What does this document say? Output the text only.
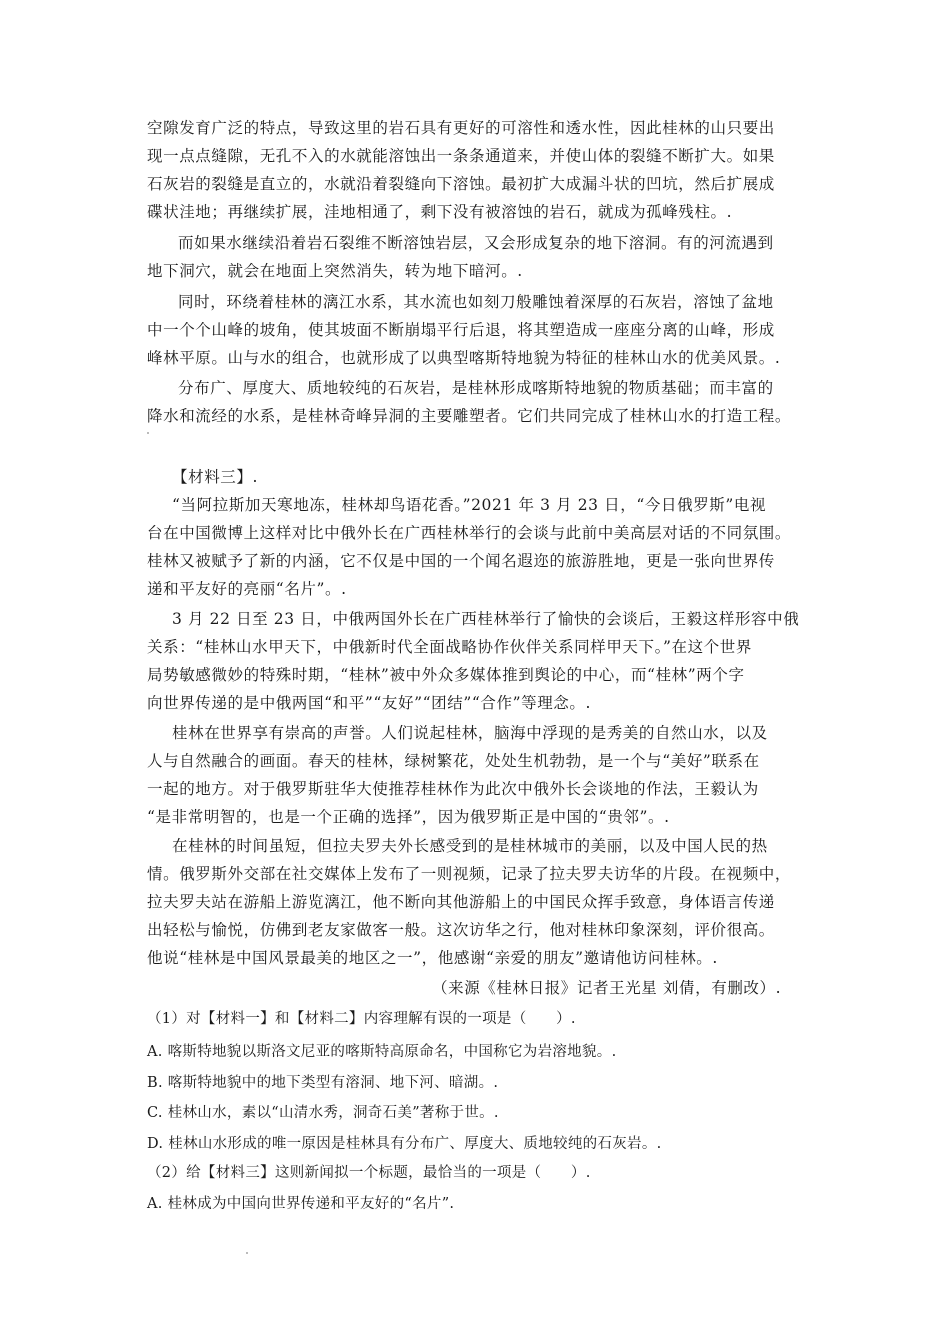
空隙发育广泛的特点，导致这里的岩石具有更好的可溶性和透水性，因此桂林的山只要出
现一点点缝隙，无孔不入的水就能溶蚀出一条条通道来，并使山体的裂缝不断扩大。如果
石灰岩的裂缝是直立的，水就沿着裂缝向下溶蚀。最初扩大成漏斗状的凹坑，然后扩展成
碟状洼地；再继续扩展，洼地相通了，剩下没有被溶蚀的岩石，就成为孤峰残柱。.
而如果水继续沿着岩石裂维不断溶蚀岩层，又会形成复杂的地下溶洞。有的河流遇到
地下洞穴，就会在地面上突然消失，转为地下暗河。.
同时，环绕着桂林的漓江水系，其水流也如刻刀般雕蚀着深厚的石灰岩，溶蚀了盆地
中一个个山峰的坡角，使其坡面不断崩塌平行后退，将其塑造成一座座分离的山峰，形成
峰林平原。山与水的组合，也就形成了以典型喀斯特地貌为特征的桂林山水的优美风景。.
分布广、厚度大、质地较纯的石灰岩，是桂林形成喀斯特地貌的物质基础；而丰富的
降水和流经的水系，是桂林奇峰异洞的主要雕塑者。它们共同完成了桂林山水的打造工程。
【材料三】.
“当阿拉斯加天寒地冻，桂林却鸟语花香。”2021 年 3 月 23 日，“今日俄罗斯”电视
台在中国微博上这样对比中俄外长在广西桂林举行的会谈与此前中美高层对话的不同氛围。
桂林又被赋予了新的内涵，它不仅是中国的一个闻名遐迩的旅游胜地，更是一张向世界传
递和平友好的亮丽“名片”。.
3 月 22 日至 23 日，中俄两国外长在广西桂林举行了愉快的会谈后，王毅这样形容中俄
关系：“桂林山水甲天下，中俄新时代全面战略协作伙伴关系同样甲天下。”在这个世界
局势敏感微妙的特殊时期，“桂林”被中外众多媒体推到舆论的中心，而“桂林”两个字
向世界传递的是中俄两国“和平”“友好”“团结”“合作”等理念。.
桂林在世界享有崇高的声誉。人们说起桂林，脑海中浮现的是秀美的自然山水，以及
人与自然融合的画面。春天的桂林，绿树繁花，处处生机勃勃，是一个与“美好”联系在
一起的地方。对于俄罗斯驻华大使推荐桂林作为此次中俄外长会谈地的作法，王毅认为
“是非常明智的，也是一个正确的选择”，因为俄罗斯正是中国的“贵邻”。.
在桂林的时间虽短，但拉夫罗夫外长感受到的是桂林城市的美丽，以及中国人民的热
情。俄罗斯外交部在社交媒体上发布了一则视频，记录了拉夫罗夫访华的片段。在视频中，
拉夫罗夫站在游船上游览漓江，他不断向其他游船上的中国民众挥手致意，身体语言传递
出轻松与愉悦，仿佛到老友家做客一般。这次访华之行，他对桂林印象深刻，评价很高。
他说“桂林是中国风景最美的地区之一”，他感谢“亲爱的朋友”邀请他访问桂林。.
（来源《桂林日报》记者王光星 刘倩，有删改）.
（1）对【材料一】和【材料二】内容理解有误的一项是（　　）.
A. 喀斯特地貌以斯洛文尼亚的喀斯特高原命名，中国称它为岩溶地貌。.
B. 喀斯特地貌中的地下类型有溶洞、地下河、暗湖。.
C. 桂林山水，素以“山清水秀，洞奇石美”著称于世。.
D. 桂林山水形成的唯一原因是桂林具有分布广、厚度大、质地较纯的石灰岩。.
（2）给【材料三】这则新闻拟一个标题，最恰当的一项是（　　）.
A. 桂林成为中国向世界传递和平友好的“名片”.
